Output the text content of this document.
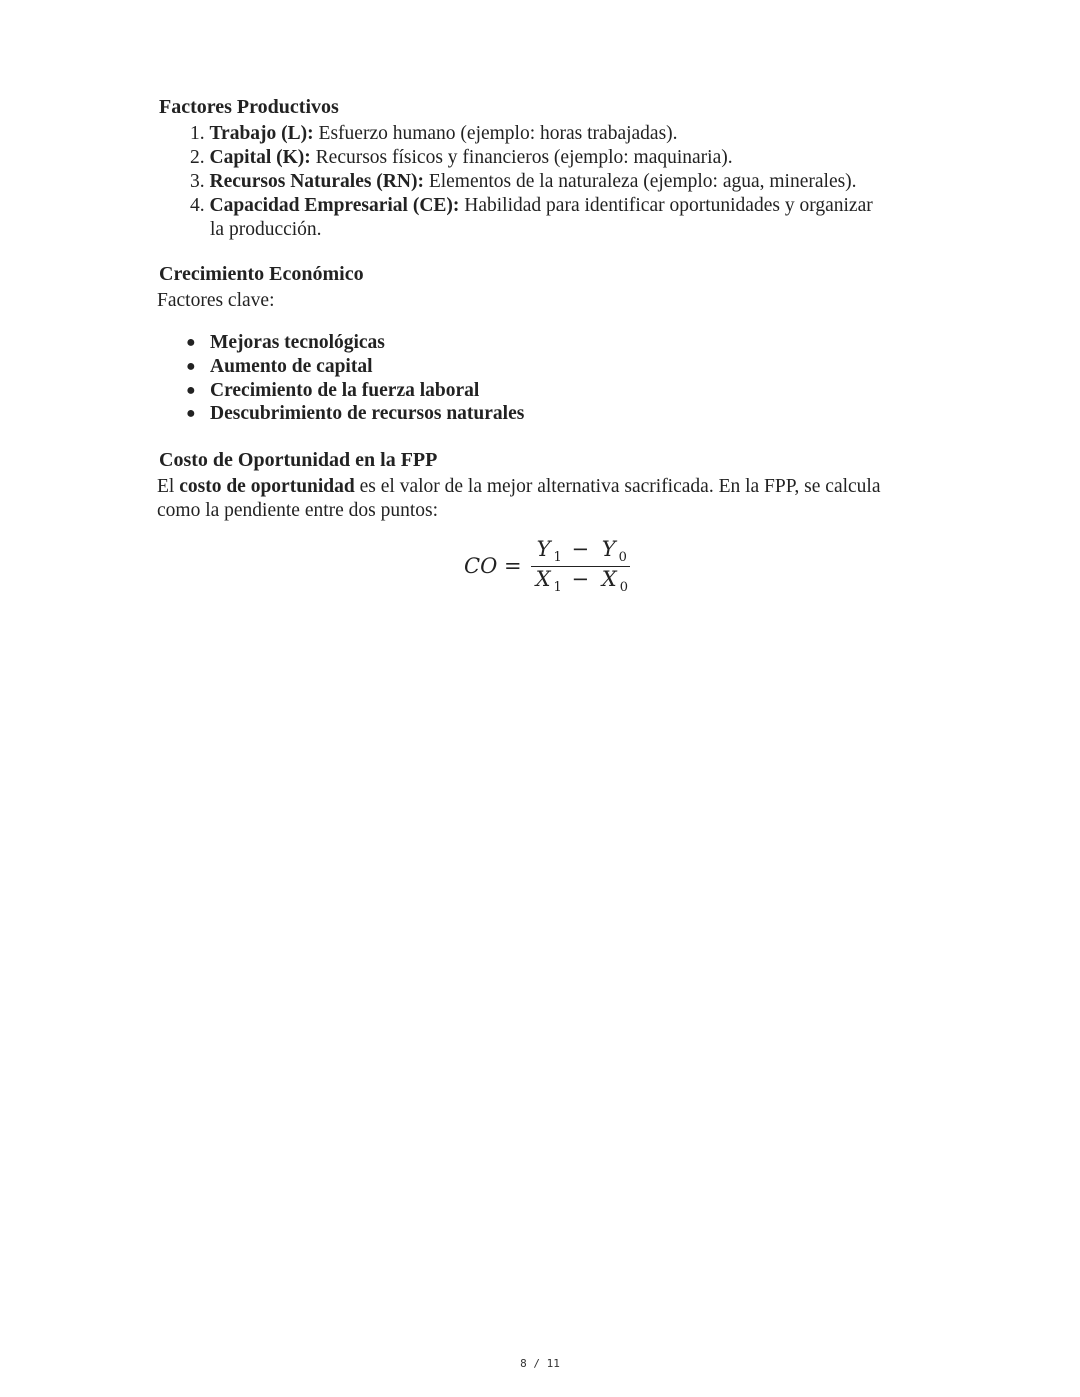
Factores Productivos
1. Trabajo (L): Esfuerzo humano (ejemplo: horas trabajadas).
2. Capital (K): Recursos físicos y financieros (ejemplo: maquinaria).
3. Recursos Naturales (RN): Elementos de la naturaleza (ejemplo: agua, minerales).
4. Capacidad Empresarial (CE): Habilidad para identificar oportunidades y organizar
la producción.
Crecimiento Económico
Factores clave:
● Mejoras tecnológicas
● Aumento de capital
● Crecimiento de la fuerza laboral
● Descubrimiento de recursos naturales
Costo de Oportunidad en la FPP
El costo de oportunidad es el valor de la mejor alternativa sacrificada. En la FPP, se calcula
como la pendiente entre dos puntos:
CO = $\frac{Y _1 - Y _0}{X _1 - X _0}$
8 / 11
